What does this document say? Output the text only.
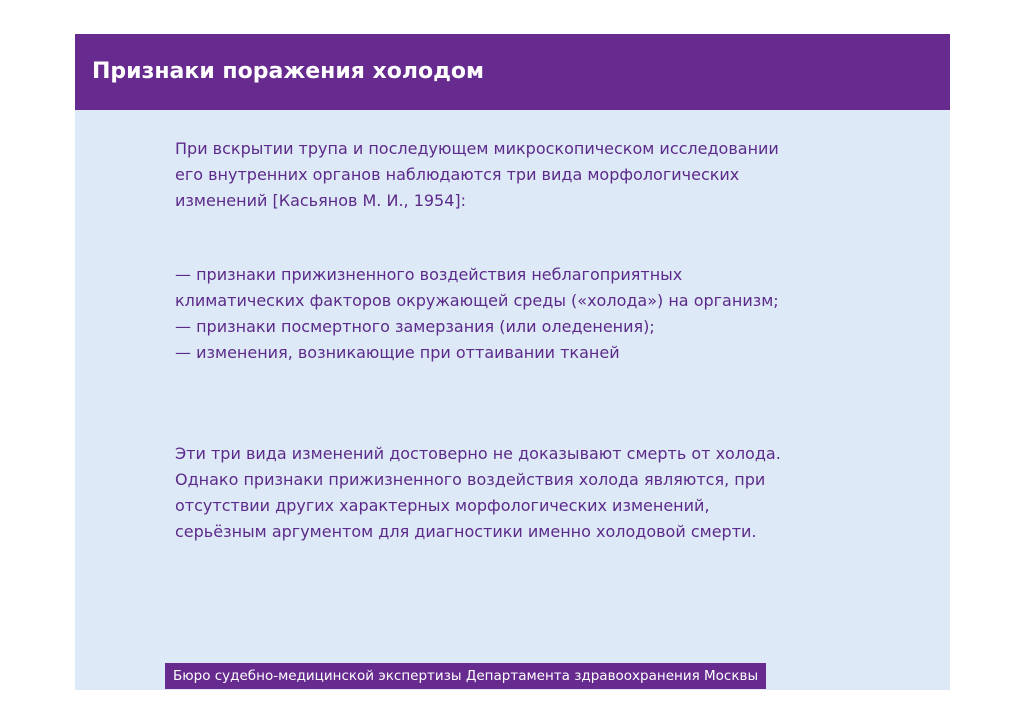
Признаки поражения холодом

При вскрытии трупа и последующем микроскопическом исследовании
его внутренних органов наблюдаются три вида морфологических
изменений [Касьянов М. И., 1954]:

— признаки прижизненного воздействия неблагоприятных
климатических факторов окружающей среды («холода») на организм;
— признаки посмертного замерзания (или оледенения);
— изменения, возникающие при оттаивании тканей

Эти три вида изменений достоверно не доказывают смерть от холода.
Однако признаки прижизненного воздействия холода являются, при
отсутствии других характерных морфологических изменений,
серьёзным аргументом для диагностики именно холодовой смерти.

Бюро судебно-медицинской экспертизы Департамента здравоохранения Москвы
